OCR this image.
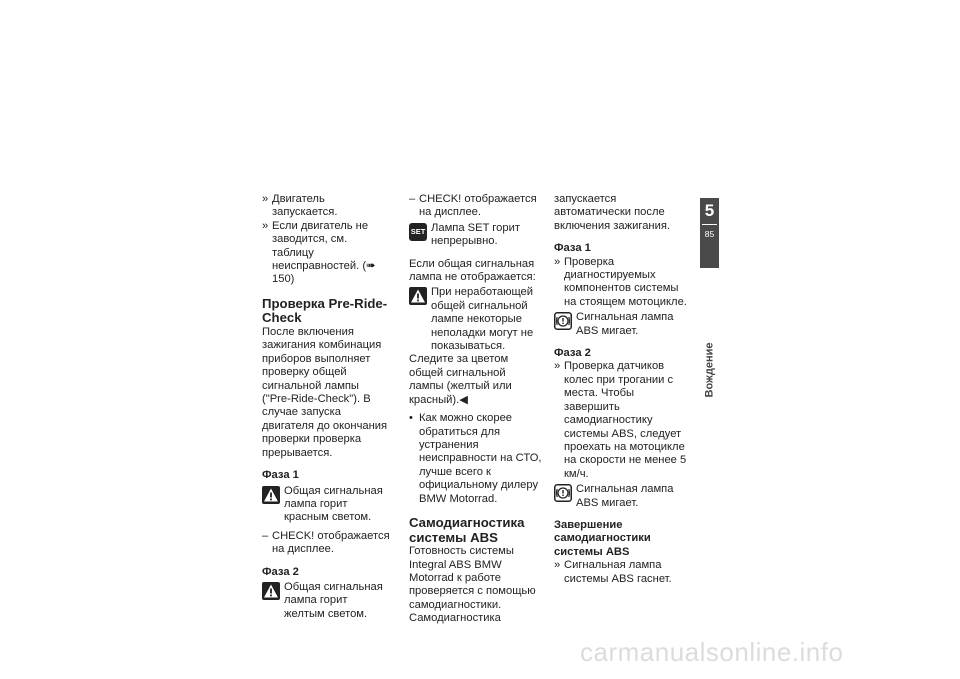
» Двигатель запускается.

» Если двигатель не заводится, см. таблицу неисправностей. (➠ 150)

Проверка Pre-Ride-Check

После включения зажигания комбинация приборов выполняет проверку общей сигнальной лампы ("Pre-Ride-Check"). В случае запуска двигателя до окончания проверки проверка прерывается.

Фаза 1

Общая сигнальная лампа горит красным светом.

– CHECK! отображается на дисплее.

Фаза 2

Общая сигнальная лампа горит желтым светом.

– CHECK! отображается на дисплее.

SET Лампа SET горит непрерывно.

Если общая сигнальная лампа не отображается:

При неработающей общей сигнальной лампе некоторые неполадки могут не показываться.

Следите за цветом общей сигнальной лампы (желтый или красный).◀

• Как можно скорее обратиться для устранения неисправности на СТО, лучше всего к официальному дилеру BMW Motorrad.

Самодиагностика системы ABS

Готовность системы Integral ABS BMW Motorrad к работе проверяется с помощью самодиагностики. Самодиагностика

запускается автоматически после включения зажигания.

Фаза 1

» Проверка диагностируемых компонентов системы на стоящем мотоцикле.

Сигнальная лампа ABS мигает.

Фаза 2

» Проверка датчиков колес при трогании с места. Чтобы завершить самодиагностику системы ABS, следует проехать на мотоцикле на скорости не менее 5 км/ч.

Сигнальная лампа ABS мигает.

Завершение самодиагностики системы ABS

» Сигнальная лампа системы ABS гаснет.

5
85
Вождение
carmanualsonline.info
